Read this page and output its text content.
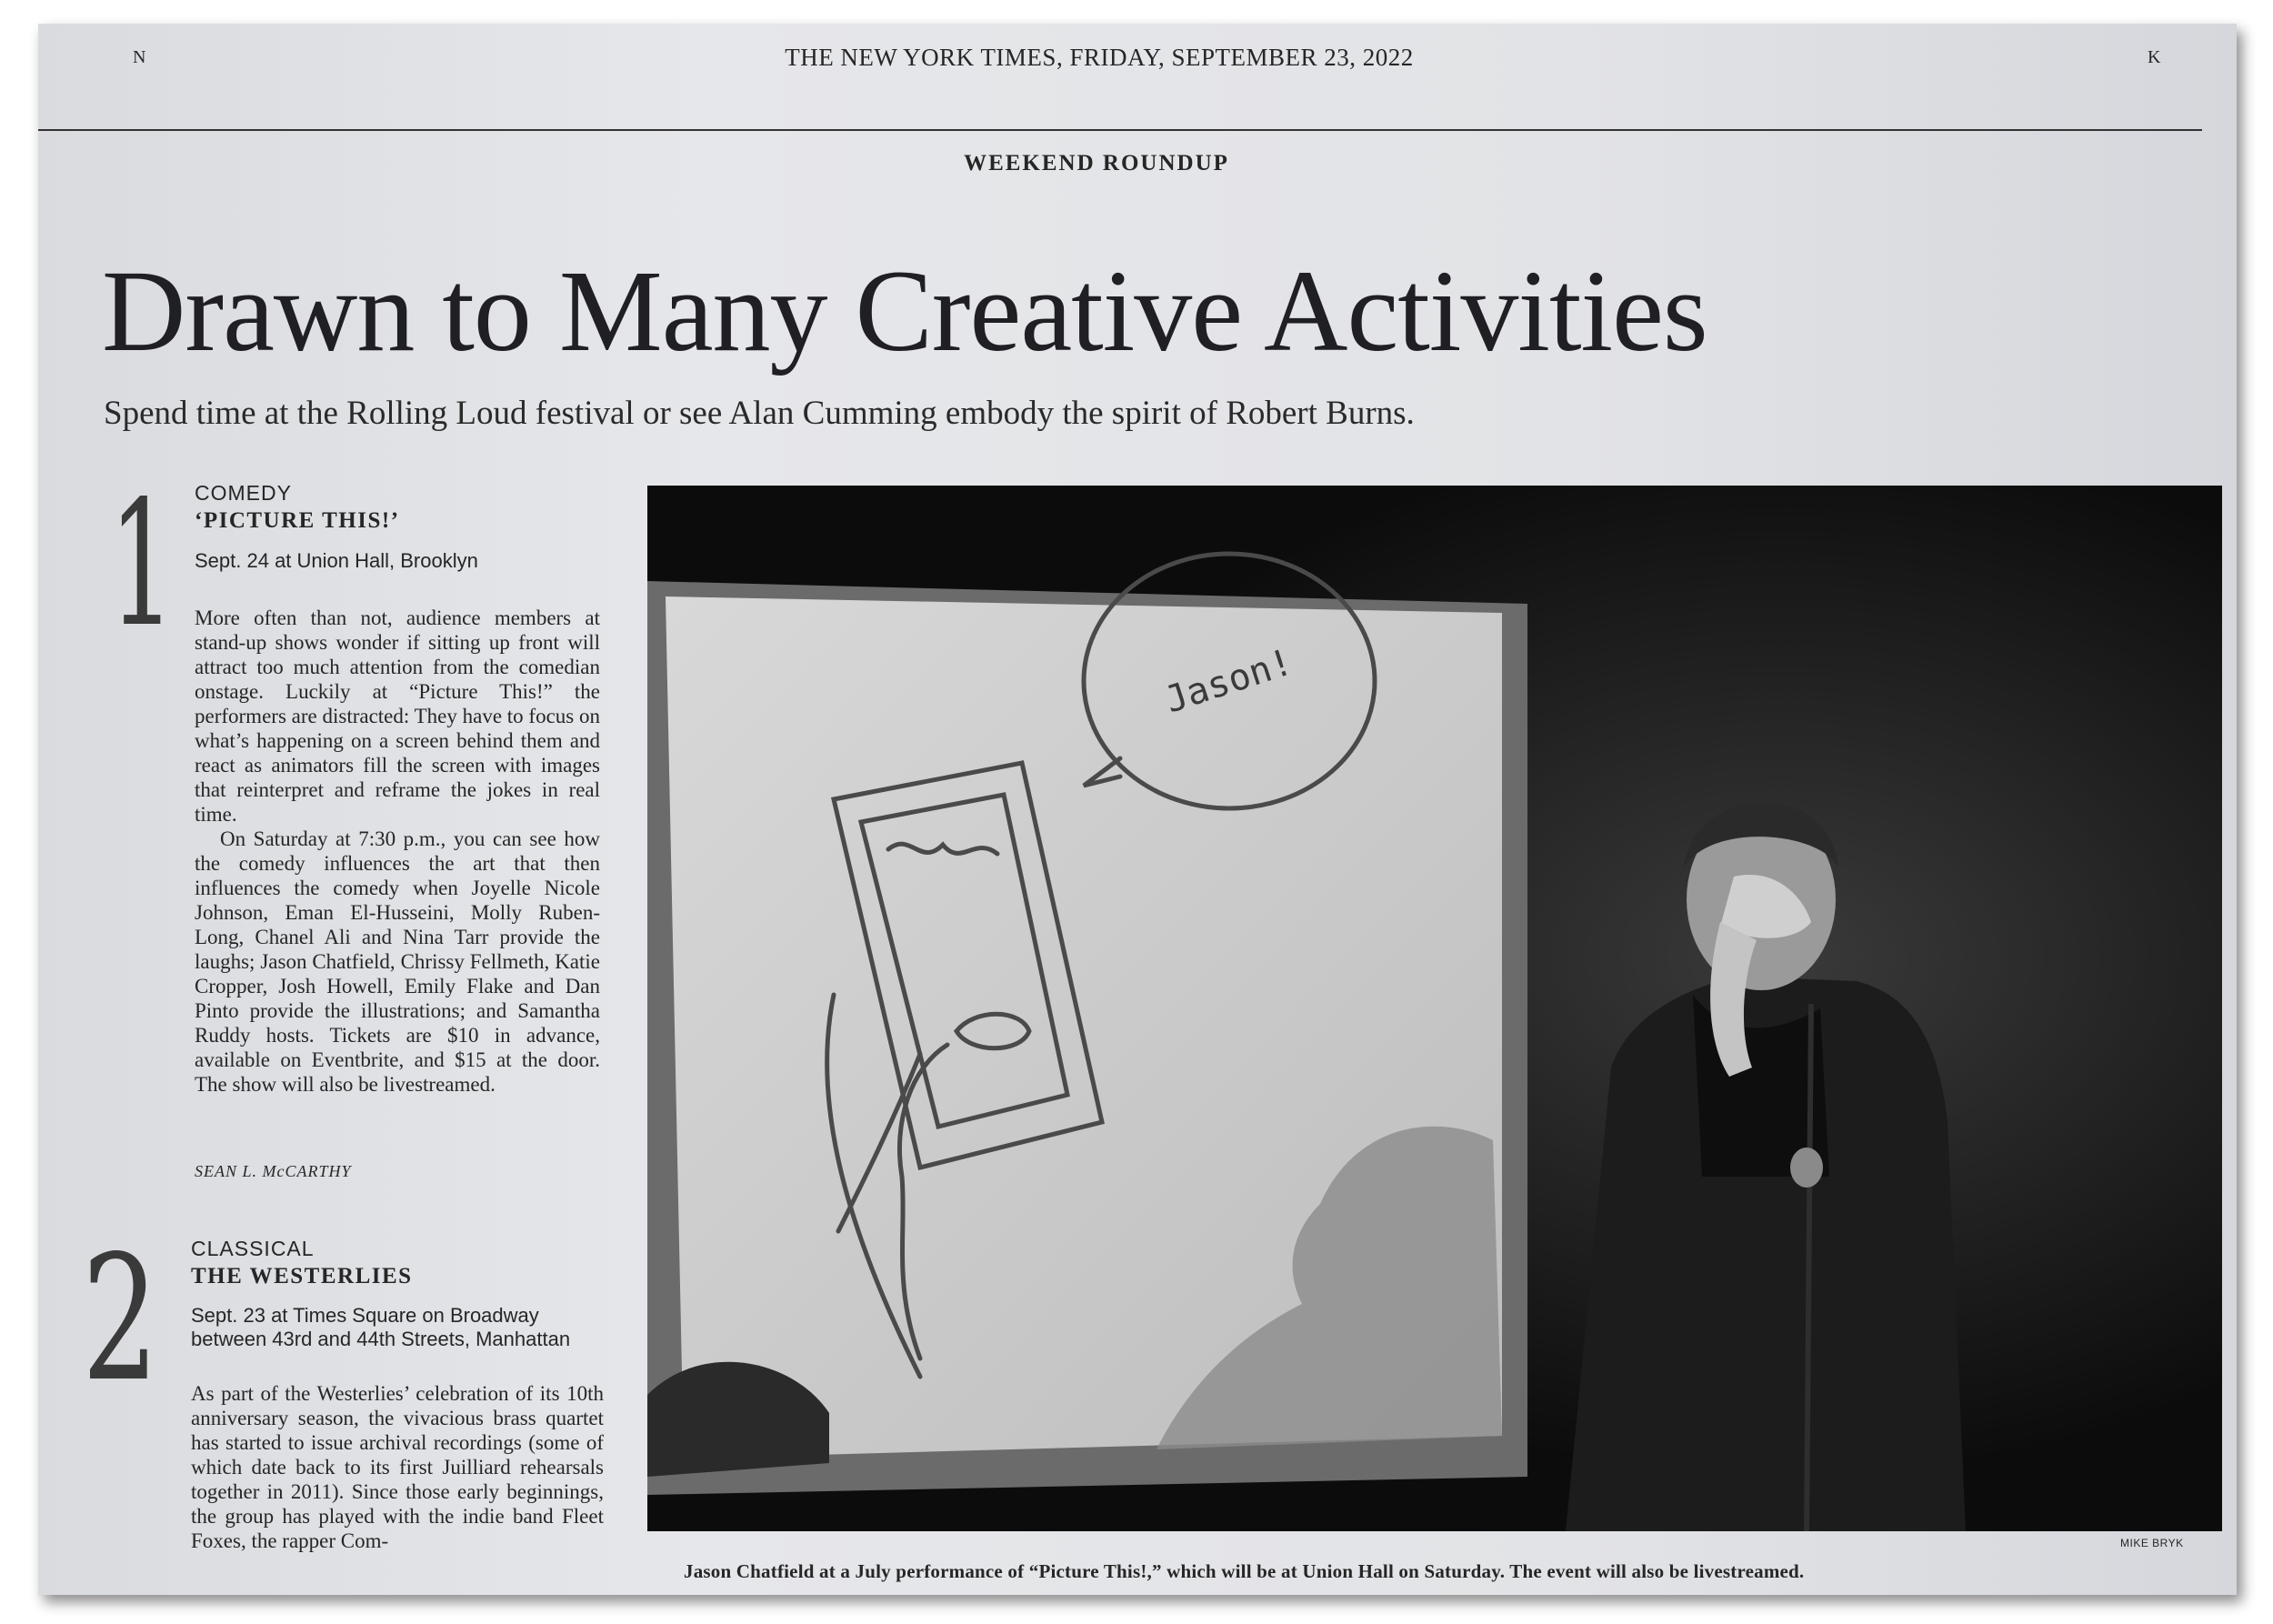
N	THE NEW YORK TIMES, FRIDAY, SEPTEMBER 23, 2022	K
WEEKEND ROUNDUP
Drawn to Many Creative Activities

Spend time at the Rolling Loud festival or see Alan Cumming embody the spirit of Robert Burns.

1 COMEDY
‘PICTURE THIS!’
Sept. 24 at Union Hall, Brooklyn

More often than not, audience members at stand-up shows wonder if sitting up front will attract too much attention from the comedian onstage. Luckily at “Picture This!” the performers are distracted: They have to focus on what’s happening on a screen behind them and react as animators fill the screen with images that reinterpret and reframe the jokes in real time.

On Saturday at 7:30 p.m., you can see how the comedy influences the art that then influences the comedy when Joyelle Nicole Johnson, Eman El-Husseini, Molly Ruben-Long, Chanel Ali and Nina Tarr provide the laughs; Jason Chatfield, Chrissy Fellmeth, Katie Cropper, Josh Howell, Emily Flake and Dan Pinto provide the illustrations; and Samantha Ruddy hosts. Tickets are $10 in advance, available on Eventbrite, and $15 at the door. The show will also be livestreamed.

SEAN L. McCARTHY
2 CLASSICAL
THE WESTERLIES
Sept. 23 at Times Square on Broadway
between 43rd and 44th Streets, Manhattan

As part of the Westerlies’ celebration of its 10th anniversary season, the vivacious brass quartet has started to issue archival recordings (some of which date back to its first Juilliard rehearsals together in 2011). Since those early beginnings, the group has played with the indie band Fleet Foxes, the rapper Com-

Jason!
MIKE BRYK
Jason Chatfield at a July performance of “Picture This!,” which will be at Union Hall on Saturday. The event will also be livestreamed.
